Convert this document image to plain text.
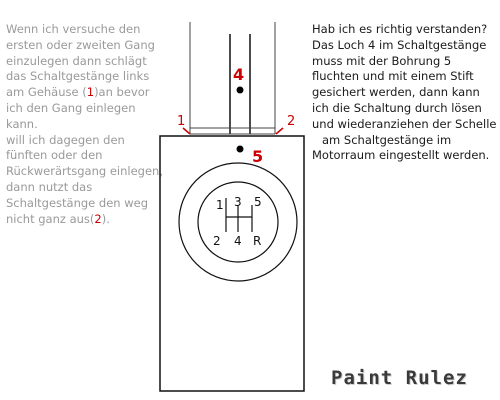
Wenn ich versuche den ersten oder zweiten Gang einzulegen dann schlägt das Schaltgestänge links am Gehäuse (1)an bevor ich den Gang einlegen kann.
will ich dagegen den fünften oder den Rückwerärtsgang einlegen, dann nutzt das Schaltgestänge den weg nicht ganz aus(2).

Hab ich es richtig verstanden? Das Loch 4 im Schaltgestänge muss mit der Bohrung 5 fluchten und mit einem Stift gesichert werden, dann kann ich die Schaltung durch lösen und wiederanziehen der Schelle
am Schaltgestänge im Motorraum eingestellt werden.

1	2
4
5
1 3 5
2 4 R
Paint Rulez
